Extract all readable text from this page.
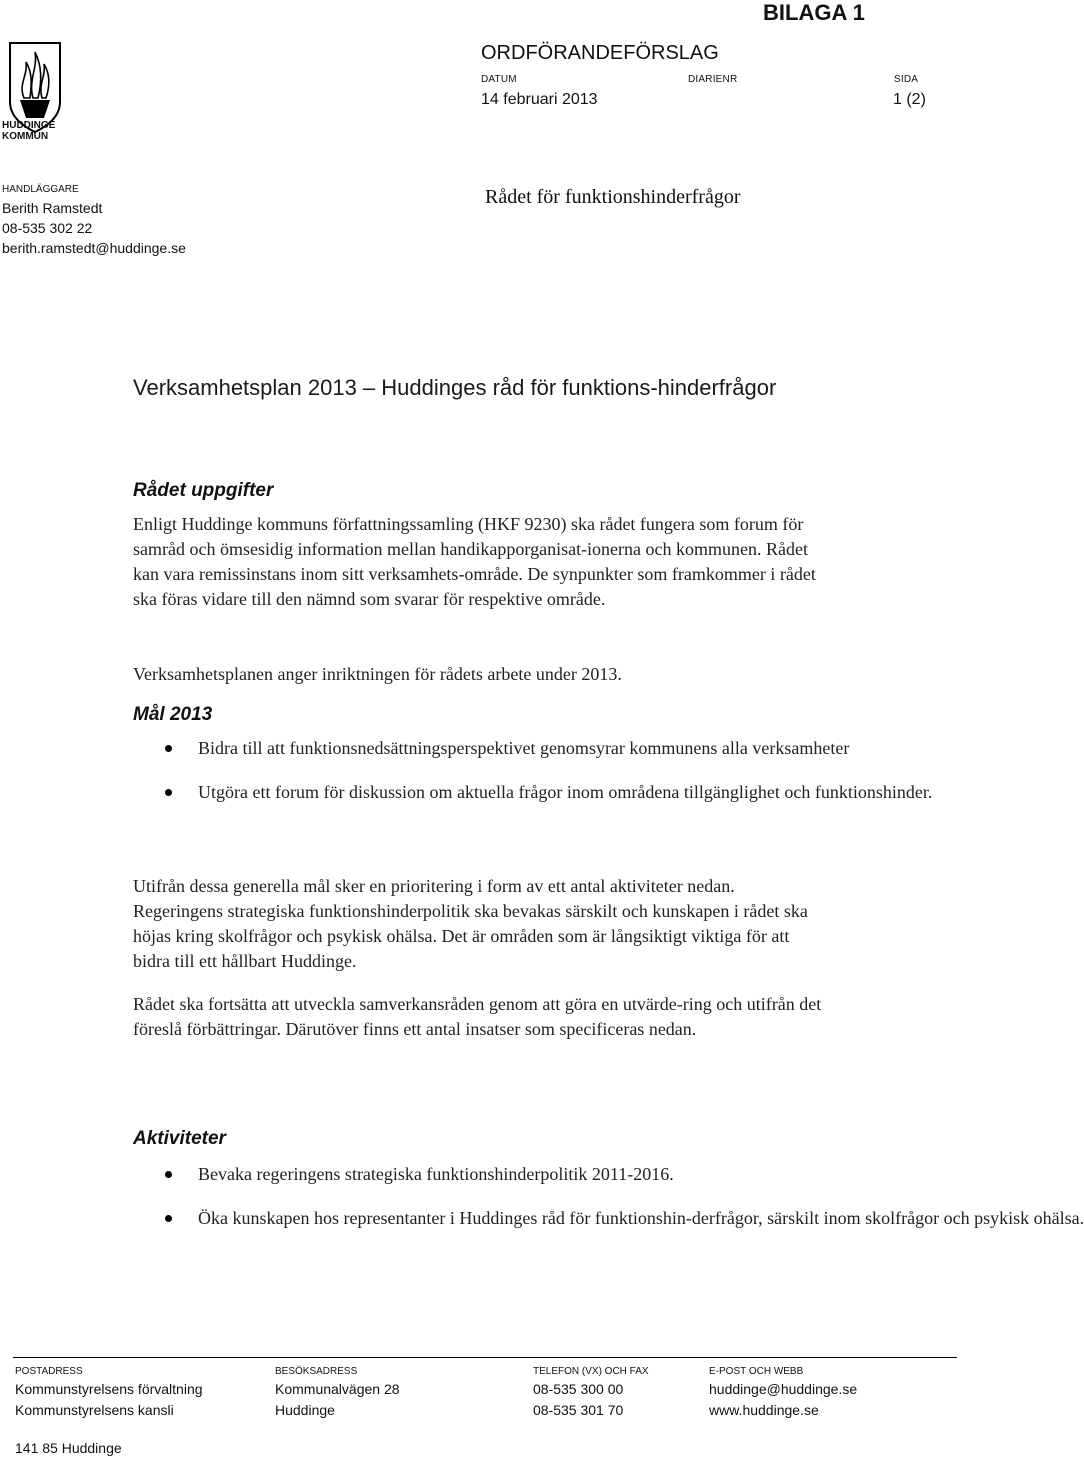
BILAGA 1
HUDDINGE
KOMMUN
ORDFÖRANDEFÖRSLAG
DATUM
14 februari 2013
DIARIENR	SIDA
1 (2)
HANDLÄGGARE
Berith Ramstedt
08-535 302 22
berith.ramstedt@huddinge.se
Rådet för funktionshinderfrågor
Verksamhetsplan 2013 – Huddinges råd för funktions-hinderfrågor
Rådet uppgifter
Enligt Huddinge kommuns författningssamling (HKF 9230) ska rådet fungera som forum för samråd och ömsesidig information mellan handikapporganisat-ionerna och kommunen. Rådet kan vara remissinstans inom sitt verksamhets-område. De synpunkter som framkommer i rådet ska föras vidare till den nämnd som svarar för respektive område.
Verksamhetsplanen anger inriktningen för rådets arbete under 2013.
Mål 2013
Bidra till att funktionsnedsättningsperspektivet genomsyrar kommunens alla verksamheter
Utgöra ett forum för diskussion om aktuella frågor inom områdena tillgänglighet och funktionshinder.
Utifrån dessa generella mål sker en prioritering i form av ett antal aktiviteter nedan. Regeringens strategiska funktionshinderpolitik ska bevakas särskilt och kunskapen i rådet ska höjas kring skolfrågor och psykisk ohälsa. Det är områden som är långsiktigt viktiga för att bidra till ett hållbart Huddinge.
Rådet ska fortsätta att utveckla samverkansråden genom att göra en utvärde-ring och utifrån det föreslå förbättringar. Därutöver finns ett antal insatser som specificeras nedan.
Aktiviteter
Bevaka regeringens strategiska funktionshinderpolitik 2011-2016.
Öka kunskapen hos representanter i Huddinges råd för funktionshin-derfrågor, särskilt inom skolfrågor och psykisk ohälsa.
POSTADRESS
Kommunstyrelsens förvaltning
Kommunstyrelsens kansli
141 85 Huddinge
BESÖKSADRESS
Kommunalvägen 28
Huddinge
TELEFON (VX) OCH FAX
08-535 300 00
08-535 301 70
E-POST OCH WEBB
huddinge@huddinge.se
www.huddinge.se
